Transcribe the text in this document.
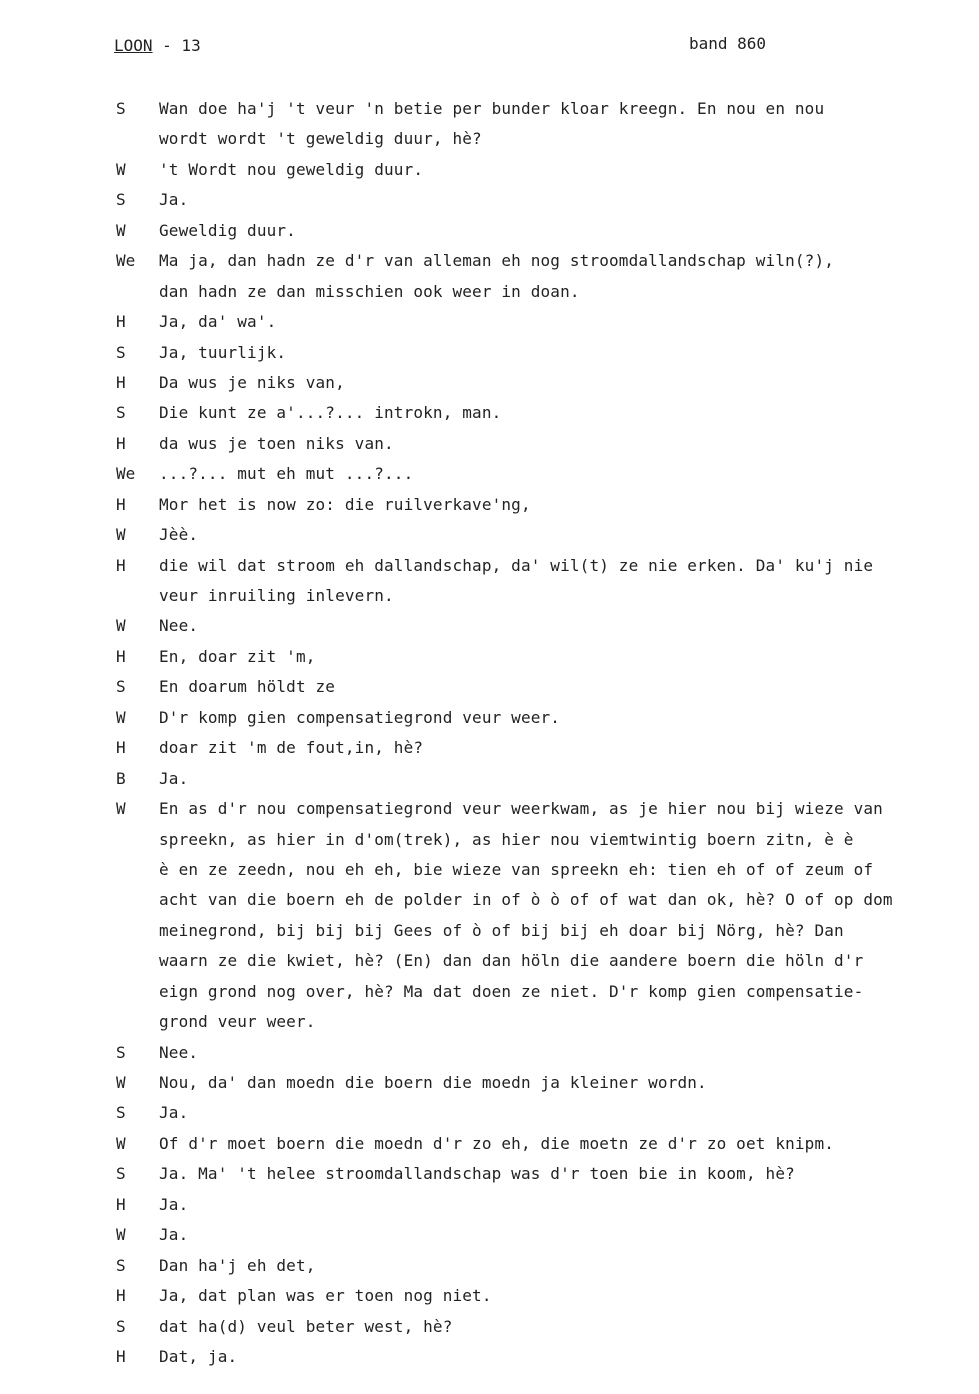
LOON - 13	band 860
S	Wan doe ha'j 't veur 'n betie per bunder kloar kreegn. En nou en nou
wordt wordt 't geweldig duur, hè?
W	't Wordt nou geweldig duur.
S	Ja.
W	Geweldig duur.
We	Ma ja, dan hadn ze d'r van alleman eh nog stroomdallandschap wiln(?),
dan hadn ze dan misschien ook weer in doan.
H	Ja, da' wa'.
S	Ja, tuurlijk.
H	Da wus je niks van,
S	Die kunt ze a'...?... introkn, man.
H	da wus je toen niks van.
We	...?... mut eh mut ...?...
H	Mor het is now zo: die ruilverkave'ng,
W	Jèè.
H	die wil dat stroom eh dallandschap, da' wil(t) ze nie erken. Da' ku'j nie
veur inruiling inlevern.
W	Nee.
H	En, doar zit 'm,
S	En doarum höldt ze
W	D'r komp gien compensatiegrond veur weer.
H	doar zit 'm de fout,in, hè?
B	Ja.
W	En as d'r nou compensatiegrond veur weerkwam, as je hier nou bij wieze van
spreekn, as hier in d'om(trek), as hier nou viemtwintig boern zitn, è è
è en ze zeedn, nou eh eh, bie wieze van spreekn eh: tien eh of of zeum of
acht van die boern eh de polder in of ò ò of of wat dan ok, hè? O of op dom
meinegrond, bij bij bij Gees of ò of bij bij eh doar bij Nörg, hè? Dan
waarn ze die kwiet, hè? (En) dan dan höln die aandere boern die höln d'r
eign grond nog over, hè? Ma dat doen ze niet. D'r komp gien compensatie-
grond veur weer.
S	Nee.
W	Nou, da' dan moedn die boern die moedn ja kleiner wordn.
S	Ja.
W	Of d'r moet boern die moedn d'r zo eh, die moetn ze d'r zo oet knipm.
S	Ja. Ma' 't helee stroomdallandschap was d'r toen bie in koom, hè?
H	Ja.
W	Ja.
S	Dan ha'j eh det,
H	Ja, dat plan was er toen nog niet.
S	dat ha(d) veul beter west, hè?
H	Dat, ja.
